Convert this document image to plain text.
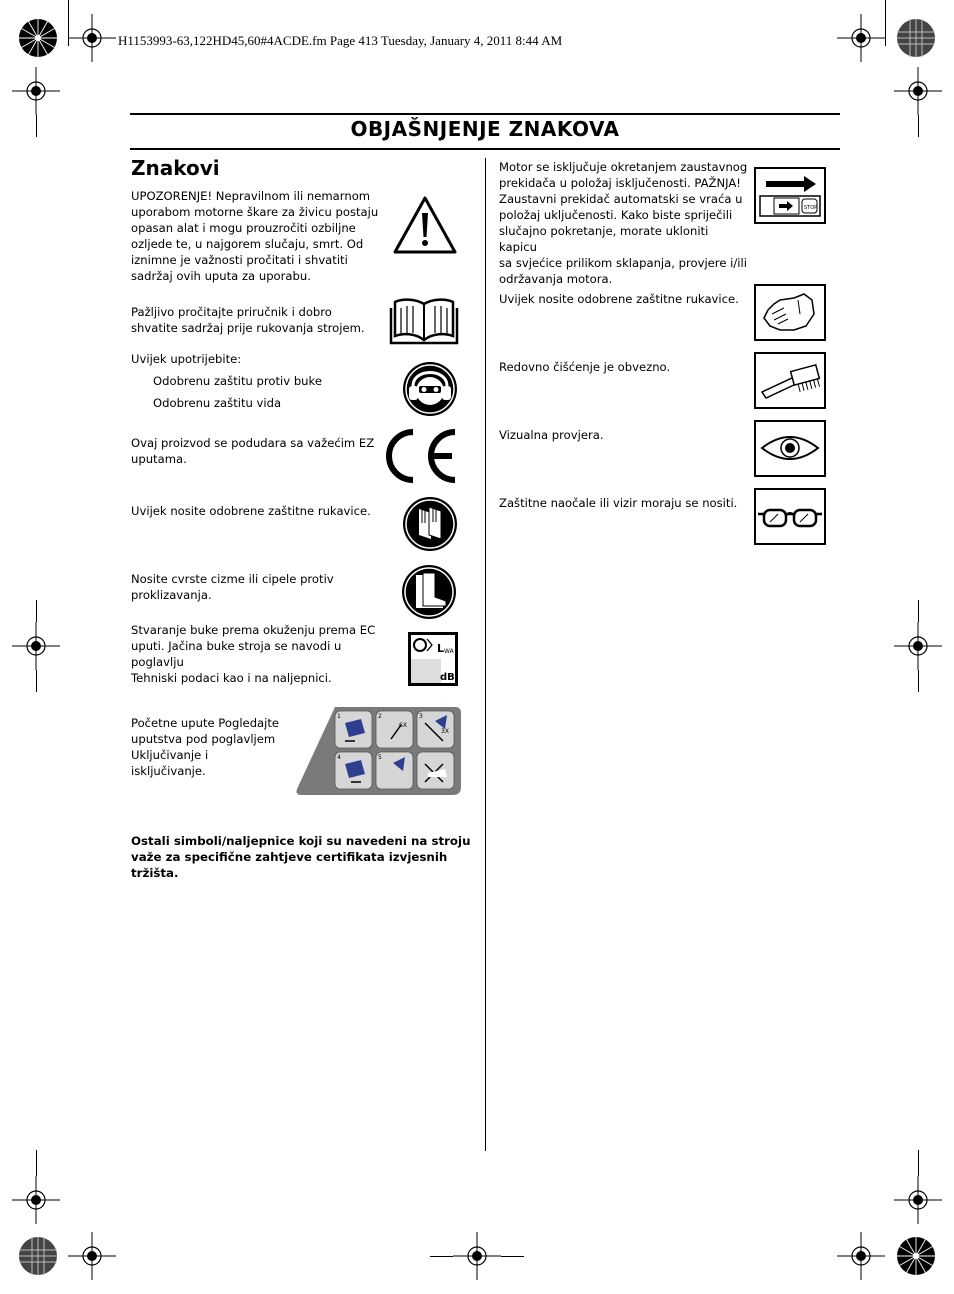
H1153993-63,122HD45,60#4ACDE.fm Page 413 Tuesday, January 4, 2011 8:44 AM
OBJAŠNJENJE ZNAKOVA
Znakovi
UPOZORENJE! Nepravilnom ili nemarnom
uporabom motorne škare za živicu postaju
opasan alat i mogu prouzročiti ozbiljne
ozljede te, u najgorem slučaju, smrt. Od
iznimne je važnosti pročitati i shvatiti
sadržaj ovih uputa za uporabu.
Pažljivo pročitajte priručnik i dobro
shvatite sadržaj prije rukovanja strojem.
Uvijek upotrijebite:
Odobrenu zaštitu protiv buke
Odobrenu zaštitu vida
Ovaj proizvod se podudara sa važećim EZ
uputama.
Uvijek nosite odobrene zaštitne rukavice.
Nosite cvrste cizme ili cipele protiv
proklizavanja.
Stvaranje buke prema okuženju prema EC
uputi. Jačina buke stroja se navodi u poglavlju
Tehniski podaci kao i na naljepnici.
Početne upute Pogledajte
uputstva pod poglavljem
Uključivanje i
isključivanje.
Ostali simboli/naljepnice koji su navedeni na stroju
važe za specifične zahtjeve certifikata izvjesnih
tržišta.
L WA
dB
1	2	3
4	5
6X
3X
Motor se isključuje okretanjem zaustavnog
prekidača u položaj isključenosti. PAŽNJA!
Zaustavni prekidač automatski se vraća u
položaj uključenosti. Kako biste spriječili
slučajno pokretanje, morate ukloniti kapicu
sa svjećice prilikom sklapanja, provjere i/ili
održavanja motora.
Uvijek nosite odobrene zaštitne rukavice.
Redovno čišćenje je obvezno.
Vizualna provjera.
Zaštitne naočale ili vizir moraju se nositi.
STOP
